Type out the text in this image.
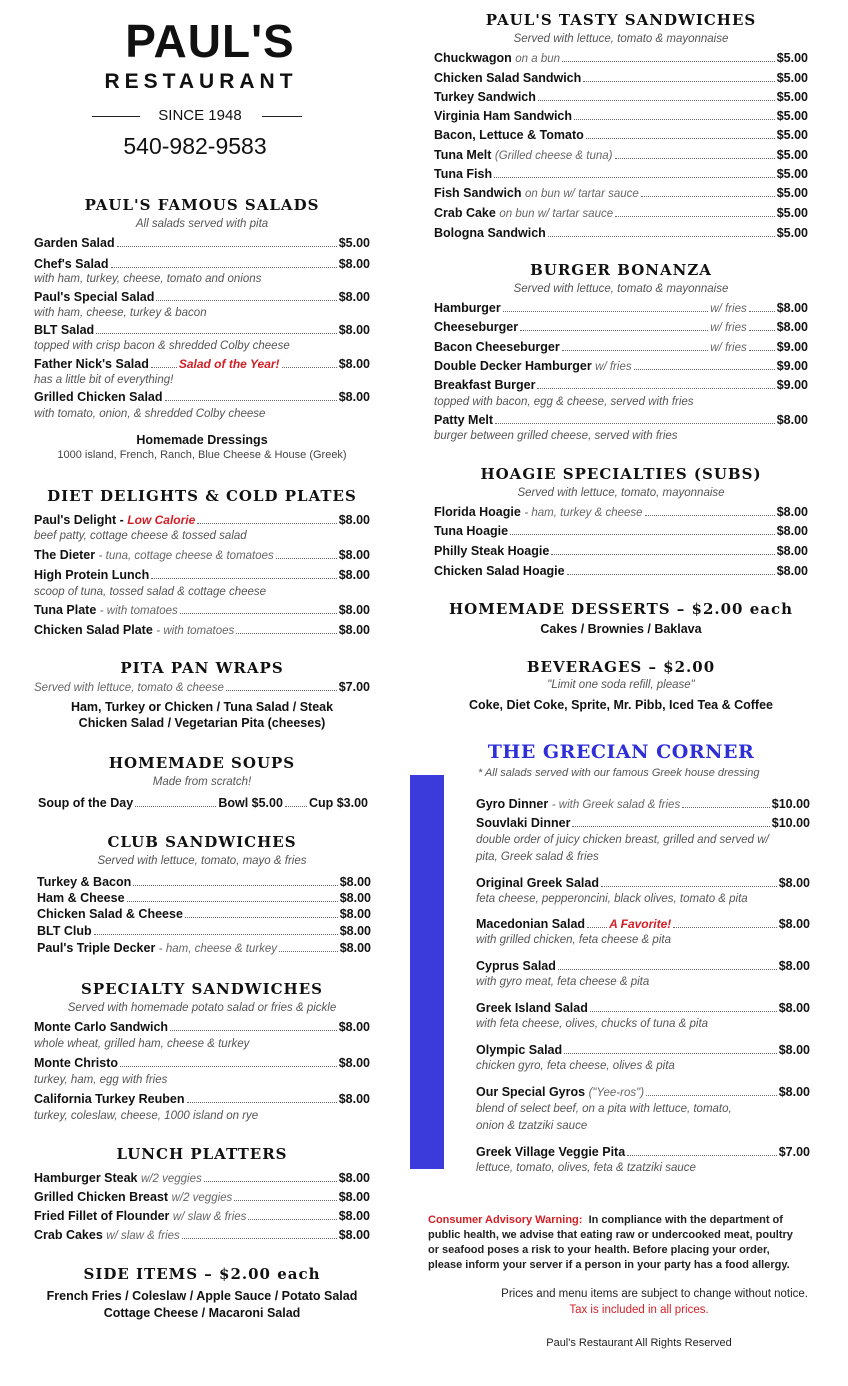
PAUL'S
RESTAURANT
SINCE 1948
540-982-9583
PAUL'S FAMOUS SALADS
All salads served with pita
Garden Salad	$5.00
Chef's Salad	$8.00
with ham, turkey, cheese, tomato and onions
Paul's Special Salad	$8.00
with ham, cheese, turkey & bacon
BLT Salad	$8.00
topped with crisp bacon & shredded Colby cheese
Father Nick's Salad	Salad of the Year!	$8.00
has a little bit of everything!
Grilled Chicken Salad	$8.00
with tomato, onion, & shredded Colby cheese
Homemade Dressings
1000 island, French, Ranch, Blue Cheese & House (Greek)
DIET DELIGHTS & COLD PLATES
Paul's Delight -
Low Calorie	$8.00
beef patty, cottage cheese & tossed salad
The Dieter
- tuna, cottage cheese & tomatoes	$8.00
High Protein Lunch	$8.00
scoop of tuna, tossed salad & cottage cheese
Tuna Plate
- with tomatoes	$8.00
Chicken Salad Plate
- with tomatoes	$8.00
PITA PAN WRAPS
Served with lettuce, tomato & cheese	$7.00
Ham, Turkey or Chicken / Tuna Salad / Steak
Chicken Salad / Vegetarian Pita (cheeses)
HOMEMADE SOUPS
Made from scratch!
Soup of the Day	Bowl $5.00 Cup $3.00
CLUB SANDWICHES
Served with lettuce, tomato, mayo & fries
Turkey & Bacon	$8.00
Ham & Cheese	$8.00
Chicken Salad & Cheese	$8.00
BLT Club	$8.00
Paul's Triple Decker
- ham, cheese & turkey	$8.00
SPECIALTY SANDWICHES
Served with homemade potato salad or fries & pickle
Monte Carlo Sandwich	$8.00
whole wheat, grilled ham, cheese & turkey
Monte Christo	$8.00
turkey, ham, egg with fries
California Turkey Reuben	$8.00
turkey, coleslaw, cheese, 1000 island on rye
LUNCH PLATTERS
Hamburger Steak
w/2 veggies	$8.00
Grilled Chicken Breast
w/2 veggies	$8.00
Fried Fillet of Flounder
w/ slaw & fries	$8.00
Crab Cakes
w/ slaw & fries	$8.00
SIDE ITEMS – $2.00 each
French Fries / Coleslaw / Apple Sauce / Potato Salad
Cottage Cheese / Macaroni Salad
PAUL'S TASTY SANDWICHES
Served with lettuce, tomato & mayonnaise
Chuckwagon
on a bun	$5.00
Chicken Salad Sandwich	$5.00
Turkey Sandwich	$5.00
Virginia Ham Sandwich	$5.00
Bacon, Lettuce & Tomato	$5.00
Tuna Melt
(Grilled cheese & tuna)	$5.00
Tuna Fish	$5.00
Fish Sandwich
on bun w/ tartar sauce	$5.00
Crab Cake
on bun w/ tartar sauce	$5.00
Bologna Sandwich	$5.00
BURGER BONANZA
Served with lettuce, tomato & mayonnaise
Hamburger	w/ fries $8.00
Cheeseburger	w/ fries $8.00
Bacon Cheeseburger	w/ fries $9.00
Double Decker Hamburger
w/ fries	$9.00
Breakfast Burger	$9.00
topped with bacon, egg & cheese, served with fries
Patty Melt	$8.00
burger between grilled cheese, served with fries
HOAGIE SPECIALTIES (SUBS)
Served with lettuce, tomato, mayonnaise
Florida Hoagie
- ham, turkey & cheese	$8.00
Tuna Hoagie	$8.00
Philly Steak Hoagie	$8.00
Chicken Salad Hoagie	$8.00
HOMEMADE DESSERTS – $2.00 each
Cakes / Brownies / Baklava
BEVERAGES – $2.00
"Limit one soda refill, please"
Coke, Diet Coke, Sprite, Mr. Pibb, Iced Tea & Coffee
THE GRECIAN CORNER
* All salads served with our famous Greek house dressing
Consumer Advisory Warning: In compliance with the department of
public health, we advise that eating raw or undercooked meat, poultry
or seafood poses a risk to your health. Before placing your order,
please inform your server if a person in your party has a food allergy.
Prices and menu items are subject to change without notice.
Tax is included in all prices.
Paul's Restaurant All Rights Reserved
Gyro Dinner
- with Greek salad & fries	$10.00
Souvlaki Dinner	$10.00
double order of juicy chicken breast, grilled and served w/
pita, Greek salad & fries
Original Greek Salad	$8.00
feta cheese, pepperoncini, black olives, tomato & pita
Macedonian Salad A Favorite!	$8.00
with grilled chicken, feta cheese & pita
Cyprus Salad	$8.00
with gyro meat, feta cheese & pita
Greek Island Salad	$8.00
with feta cheese, olives, chucks of tuna & pita
Olympic Salad	$8.00
chicken gyro, feta cheese, olives & pita
Our Special Gyros
("Yee-ros")	$8.00
blend of select beef, on a pita with lettuce, tomato,
onion & tzatziki sauce
Greek Village Veggie Pita	$7.00
lettuce, tomato, olives, feta & tzatziki sauce
